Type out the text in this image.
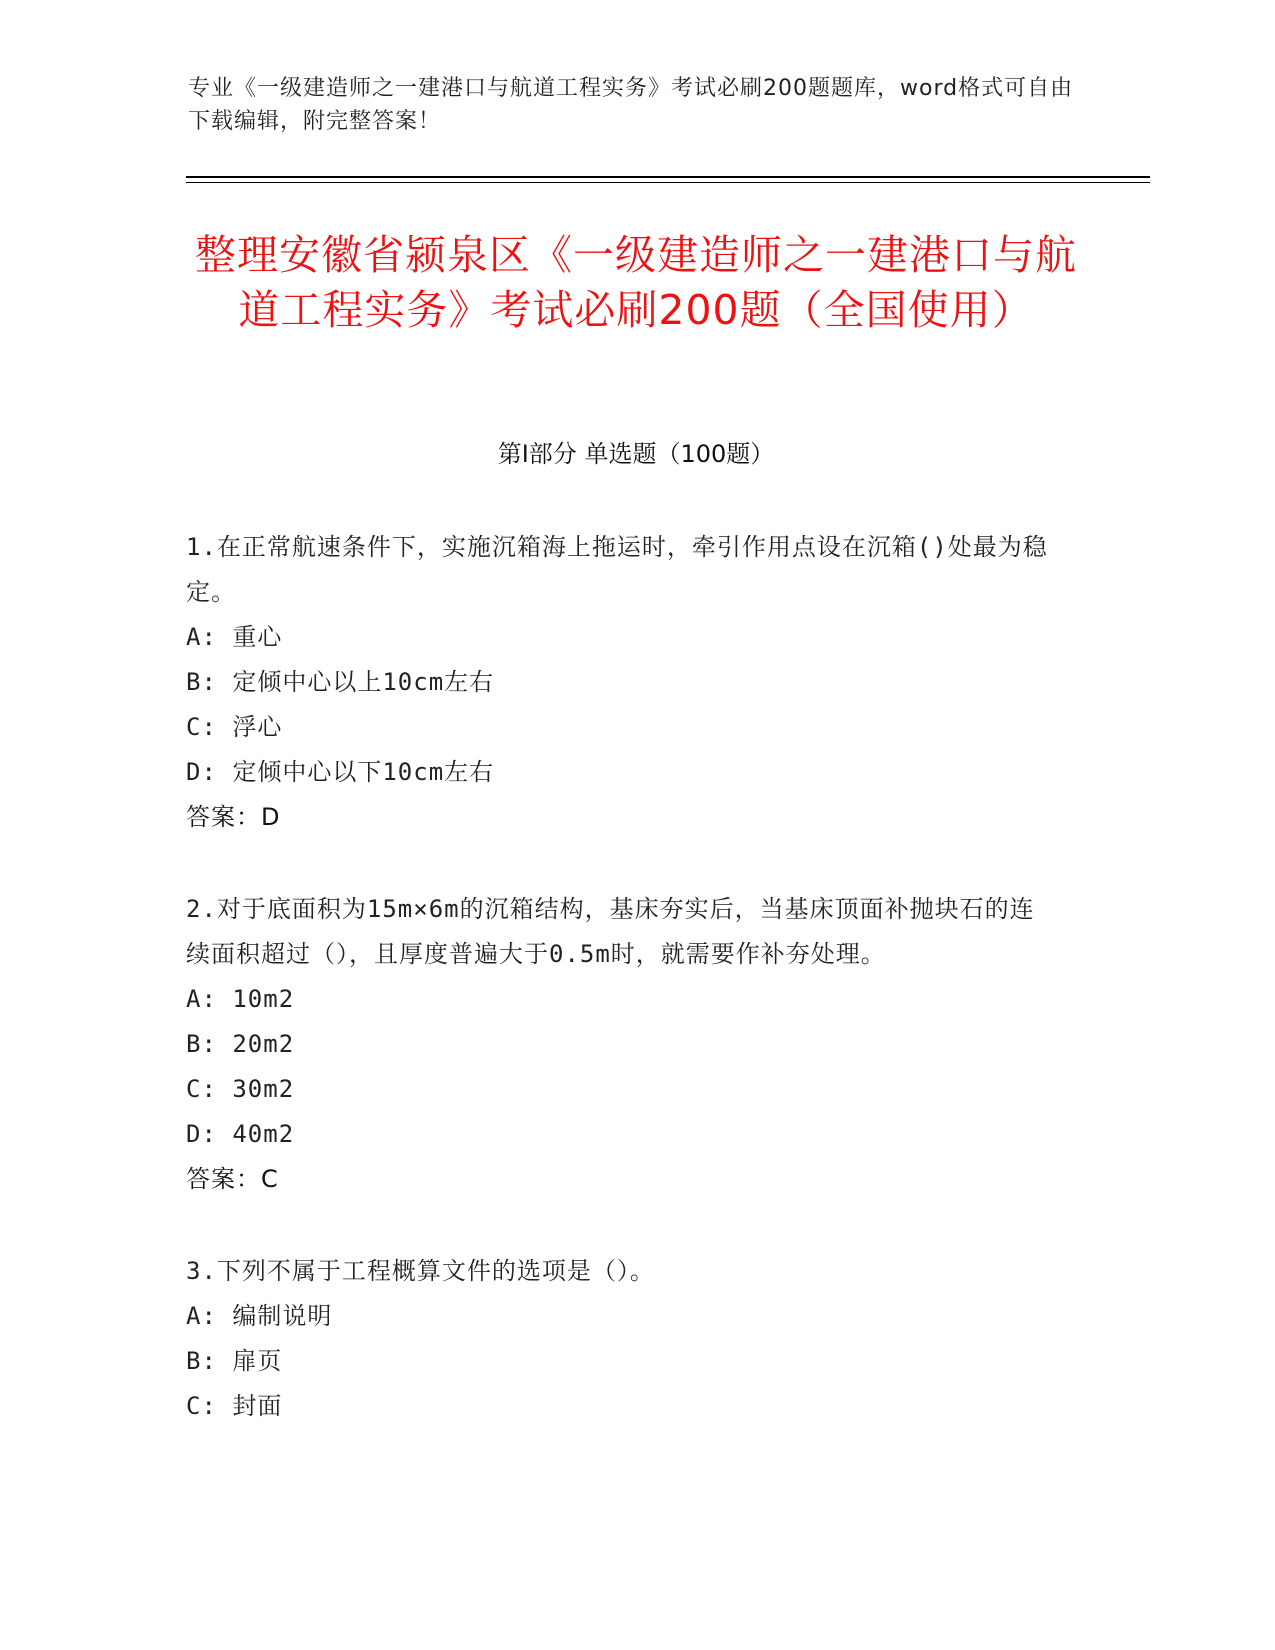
专业《一级建造师之一建港口与航道工程实务》考试必刷200题题库，word格式可自由下载编辑，附完整答案！
整理安徽省颍泉区《一级建造师之一建港口与航道工程实务》考试必刷200题（全国使用）
第Ⅰ部分 单选题（100题）
1.在正常航速条件下，实施沉箱海上拖运时，牵引作用点设在沉箱()处最为稳定。
A: 重心
B: 定倾中心以上10cm左右
C: 浮心
D: 定倾中心以下10cm左右
答案：D
2.对于底面积为15m×6m的沉箱结构，基床夯实后，当基床顶面补抛块石的连续面积超过（），且厚度普遍大于0.5m时，就需要作补夯处理。
A: 10m2
B: 20m2
C: 30m2
D: 40m2
答案：C
3.下列不属于工程概算文件的选项是（）。
A: 编制说明
B: 扉页
C: 封面
